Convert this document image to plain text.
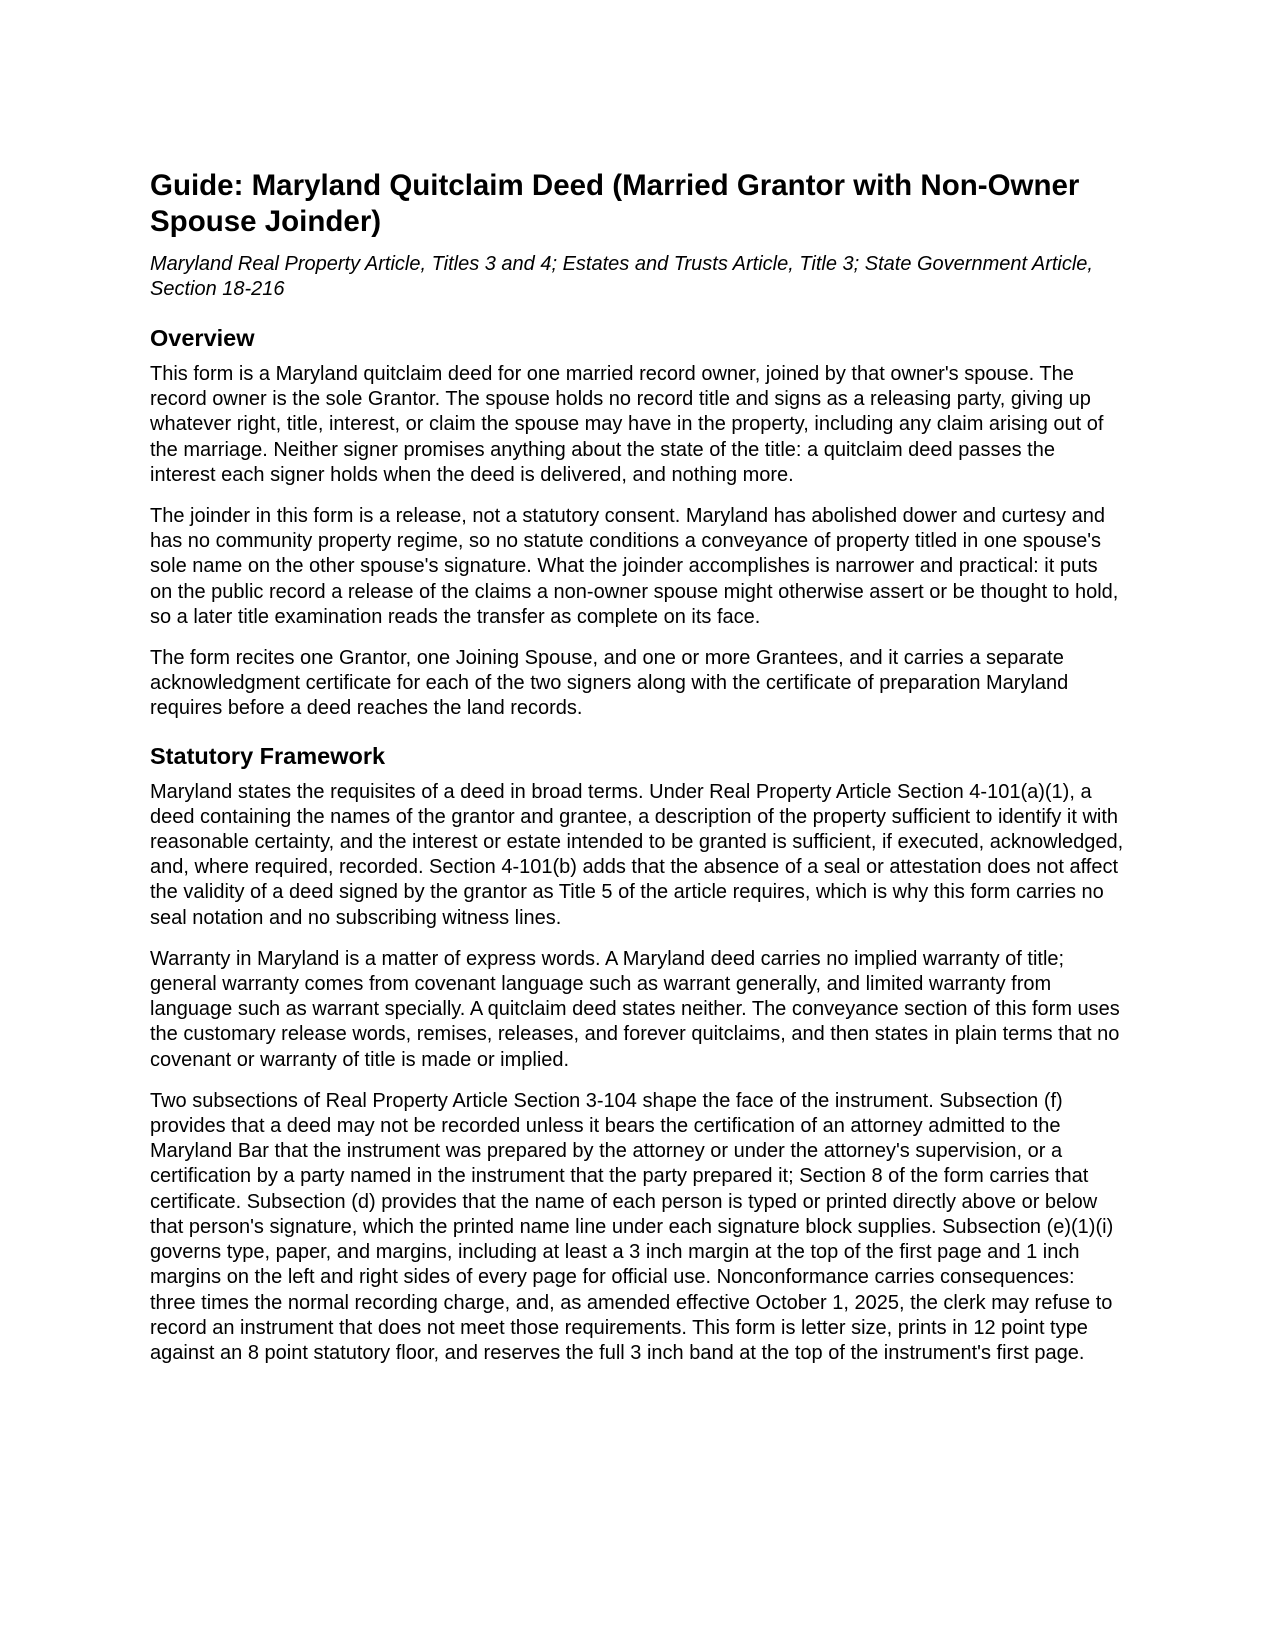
Guide: Maryland Quitclaim Deed (Married Grantor with Non-Owner Spouse Joinder)
Maryland Real Property Article, Titles 3 and 4; Estates and Trusts Article, Title 3; State Government Article, Section 18-216
Overview

This form is a Maryland quitclaim deed for one married record owner, joined by that owner's spouse. The record owner is the sole Grantor. The spouse holds no record title and signs as a releasing party, giving up whatever right, title, interest, or claim the spouse may have in the property, including any claim arising out of the marriage. Neither signer promises anything about the state of the title: a quitclaim deed passes the interest each signer holds when the deed is delivered, and nothing more.

The joinder in this form is a release, not a statutory consent. Maryland has abolished dower and curtesy and has no community property regime, so no statute conditions a conveyance of property titled in one spouse's sole name on the other spouse's signature. What the joinder accomplishes is narrower and practical: it puts on the public record a release of the claims a non-owner spouse might otherwise assert or be thought to hold, so a later title examination reads the transfer as complete on its face.

The form recites one Grantor, one Joining Spouse, and one or more Grantees, and it carries a separate acknowledgment certificate for each of the two signers along with the certificate of preparation Maryland requires before a deed reaches the land records.

Statutory Framework

Maryland states the requisites of a deed in broad terms. Under Real Property Article Section 4-101(a)(1), a deed containing the names of the grantor and grantee, a description of the property sufficient to identify it with reasonable certainty, and the interest or estate intended to be granted is sufficient, if executed, acknowledged, and, where required, recorded. Section 4-101(b) adds that the absence of a seal or attestation does not affect the validity of a deed signed by the grantor as Title 5 of the article requires, which is why this form carries no seal notation and no subscribing witness lines.

Warranty in Maryland is a matter of express words. A Maryland deed carries no implied warranty of title; general warranty comes from covenant language such as warrant generally, and limited warranty from language such as warrant specially. A quitclaim deed states neither. The conveyance section of this form uses the customary release words, remises, releases, and forever quitclaims, and then states in plain terms that no covenant or warranty of title is made or implied.

Two subsections of Real Property Article Section 3-104 shape the face of the instrument. Subsection (f) provides that a deed may not be recorded unless it bears the certification of an attorney admitted to the Maryland Bar that the instrument was prepared by the attorney or under the attorney's supervision, or a certification by a party named in the instrument that the party prepared it; Section 8 of the form carries that certificate. Subsection (d) provides that the name of each person is typed or printed directly above or below that person's signature, which the printed name line under each signature block supplies. Subsection (e)(1)(i) governs type, paper, and margins, including at least a 3 inch margin at the top of the first page and 1 inch margins on the left and right sides of every page for official use. Nonconformance carries consequences: three times the normal recording charge, and, as amended effective October 1, 2025, the clerk may refuse to record an instrument that does not meet those requirements. This form is letter size, prints in 12 point type against an 8 point statutory floor, and reserves the full 3 inch band at the top of the instrument's first page.
